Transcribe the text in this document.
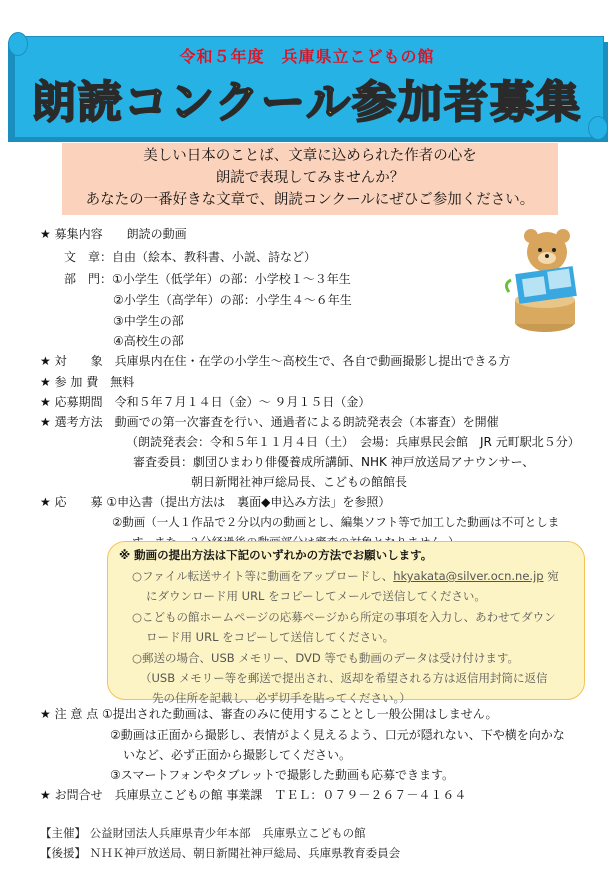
令和５年度　兵庫県立こどもの館
朗読コンクール参加者募集
美しい日本のことば、文章に込められた作者の心を
朗読で表現してみませんか？
あなたの一番好きな文章で、朗読コンクールにぜひご参加ください。
★ 募集内容　　朗読の動画
文　章：自由（絵本、教科書、小説、詩など）
部　門：①小学生（低学年）の部：小学校１～３年生
②小学生（高学年）の部：小学生４～６年生
③中学生の部
④高校生の部
★ 対　　象　兵庫県内在住・在学の小学生～高校生で、各自で動画撮影し提出できる方
★ 参 加 費　無料
★ 応募期間　令和５年７月１４日（金）～ ９月１５日（金）
★ 選考方法　動画での第一次審査を行い、通過者による朗読発表会（本審査）を開催
（朗読発表会：令和５年１１月４日（土）　会場：兵庫県民会館　JR 元町駅北５分）
審査委員：劇団ひまわり俳優養成所講師、NHK 神戸放送局アナウンサー、
朝日新聞社神戸総局長、こどもの館館長
★ 応　　募 ①申込書（提出方法は　裏面◆申込み方法」を参照）
②動画（一人１作品で２分以内の動画とし、編集ソフト等で加工した動画は不可としま
※ 動画の提出方法は下記のいずれかの方法でお願いします。
○ファイル転送サイト等に動画をアップロードし、hkyakata@silver.ocn.ne.jp 宛
にダウンロード用 URL をコピーしてメールで送信してください。
○こどもの館ホームページの応募ページから所定の事項を入力し、あわせてダウン
ロード用 URL をコピーして送信してください。
○郵送の場合、USB メモリー、DVD 等でも動画のデータは受け付けます。
（USB メモリー等を郵送で提出され、返却を希望される方は返信用封筒に返信
先の住所を記載し、必ず切手を貼ってください。）
★ 注 意 点 ①提出された動画は、審査のみに使用することとし一般公開はしません。
②動画は正面から撮影し、表情がよく見えるよう、口元が隠れない、下や横を向かな
いなど、必ず正面から撮影してください。
③スマートフォンやタブレットで撮影した動画も応募できます。
★ お問合せ　兵庫県立こどもの館 事業課　ＴＥＬ：０７９－２６７－４１６４
【主催】 公益財団法人兵庫県青少年本部　兵庫県立こどもの館
【後援】 ＮＨＫ神戸放送局、朝日新聞社神戸総局、兵庫県教育委員会
